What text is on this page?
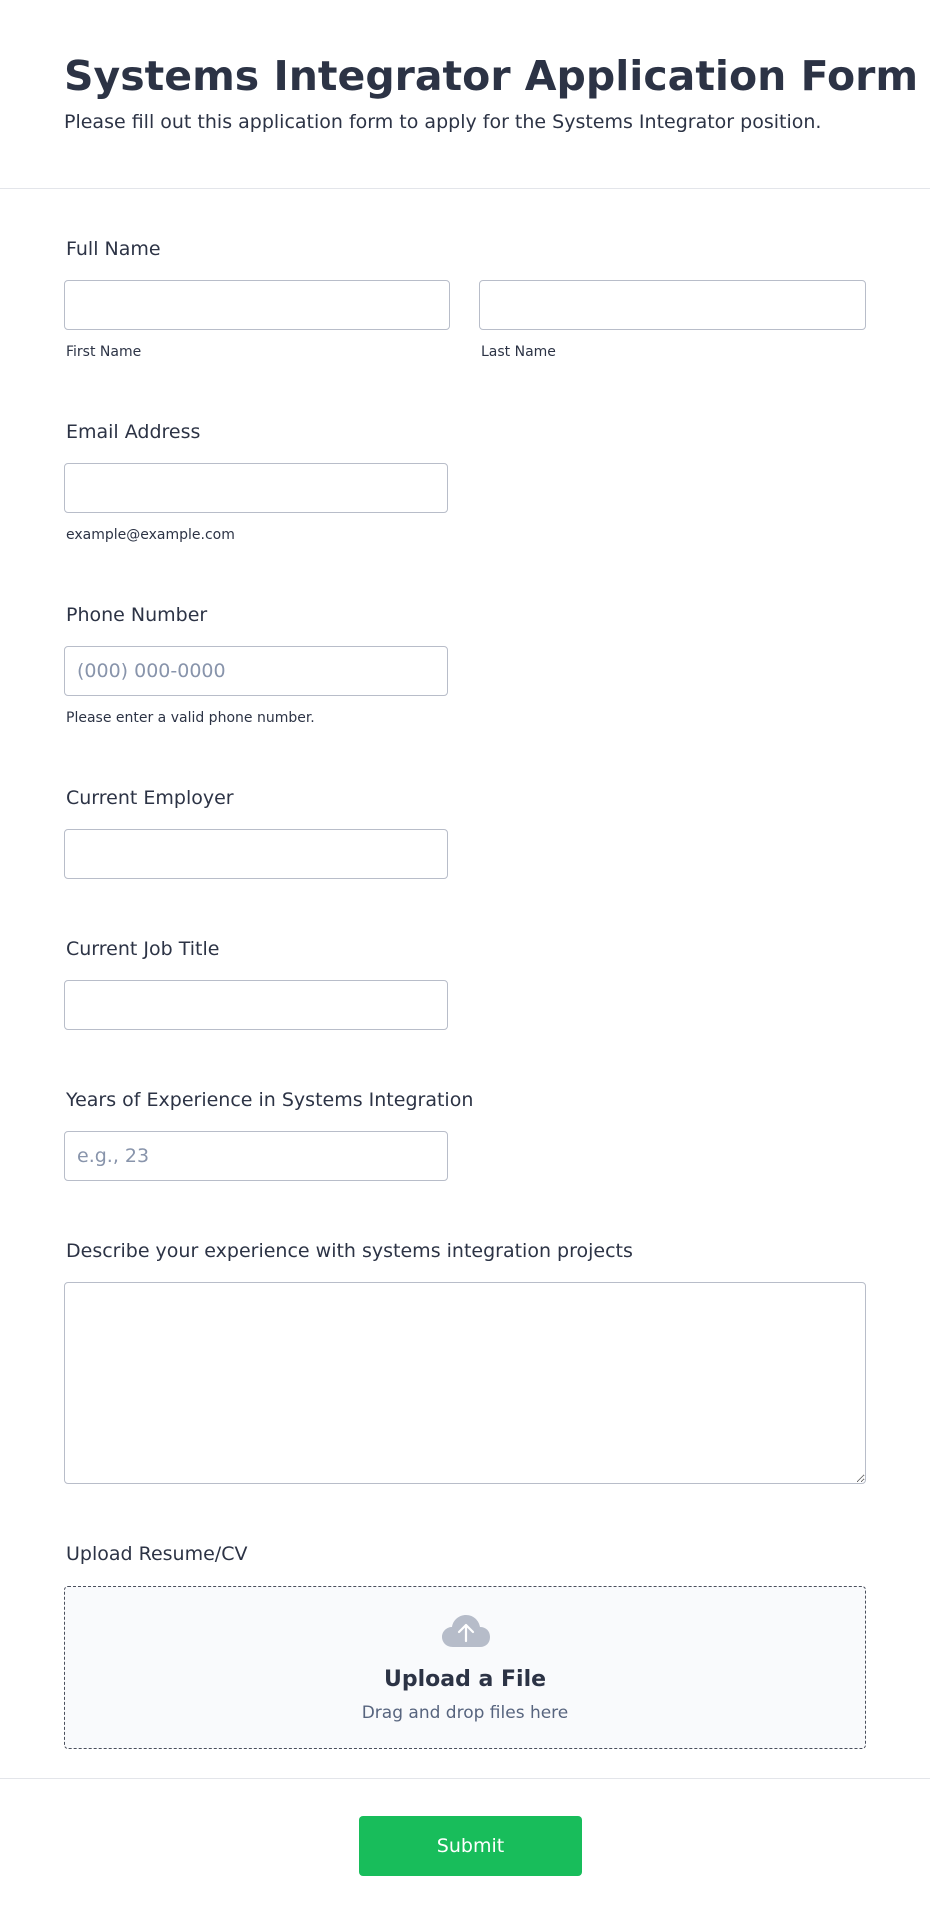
Systems Integrator Application Form

Please fill out this application form to apply for the Systems Integrator position.

Full Name
First Name	Last Name
Email Address
example@example.com
Phone Number
(000) 000-0000
Please enter a valid phone number.
Current Employer
Current Job Title
Years of Experience in Systems Integration
e.g., 23
Describe your experience with systems integration projects
Upload Resume/CV
Upload a File
Drag and drop files here
Submit
